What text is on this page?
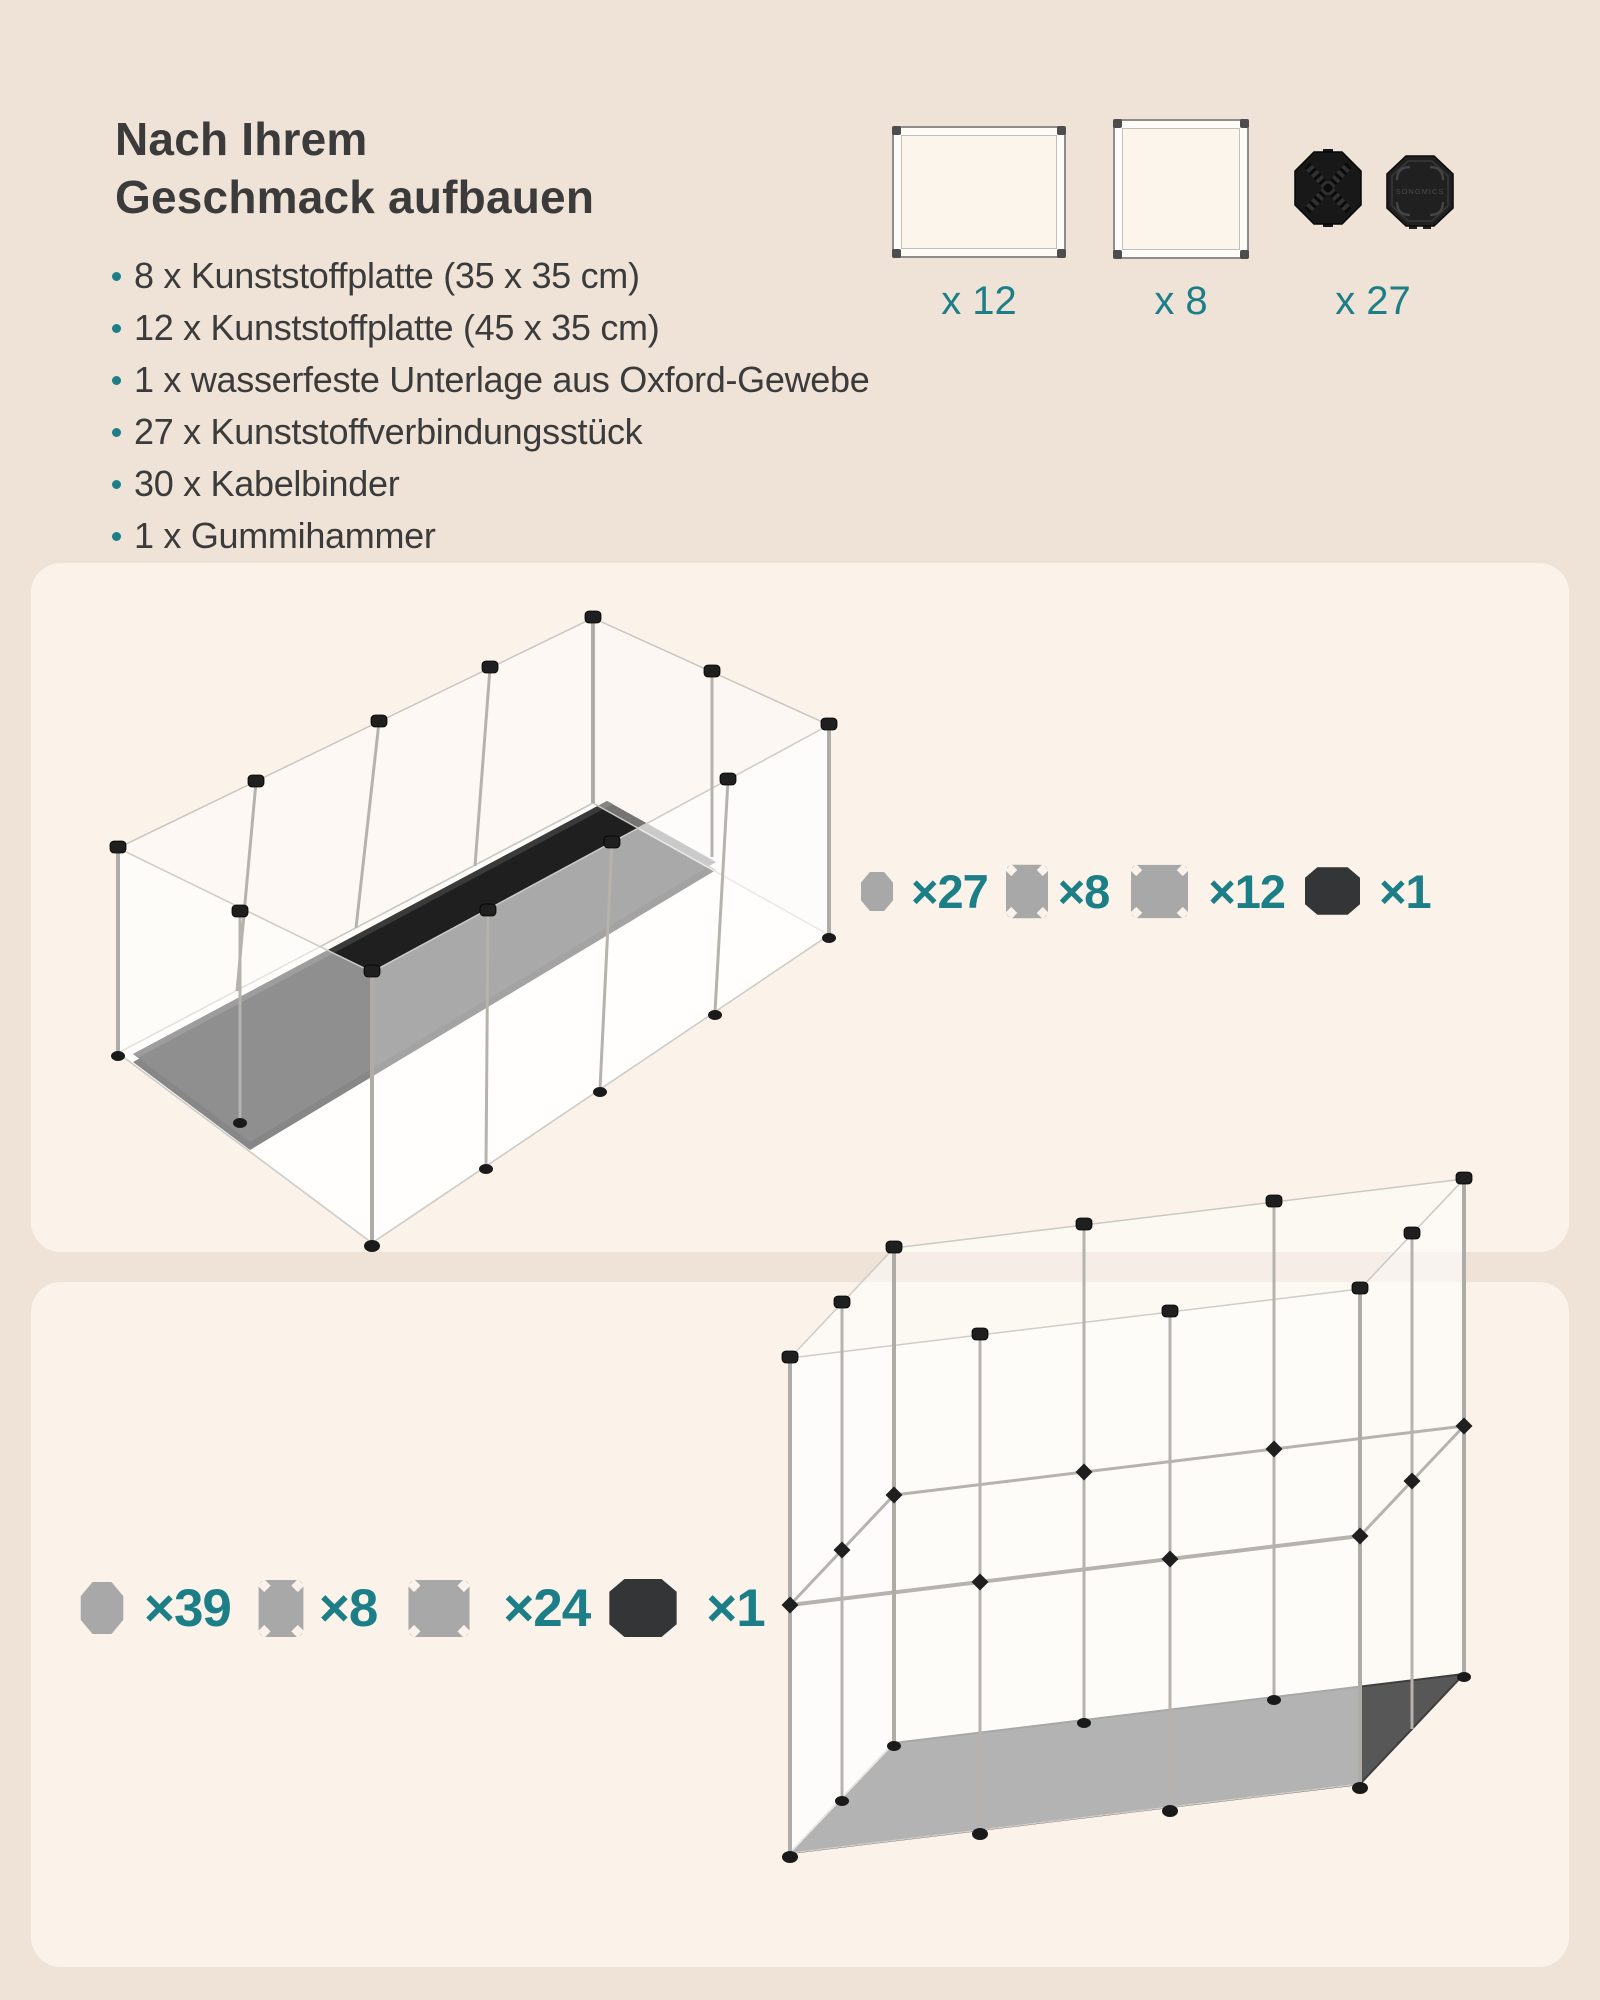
Nach Ihrem
Geschmack aufbauen
8 x Kunststoffplatte (35 x 35 cm)
12 x Kunststoffplatte (45 x 35 cm)
1 x wasserfeste Unterlage aus Oxford-Gewebe
27 x Kunststoffverbindungsstück
30 x Kabelbinder
1 x Gummihammer
SONGMICS
x 12	x 8	x 27
×27 ×8 ×12 ×1
×39 ×8 ×24 ×1
